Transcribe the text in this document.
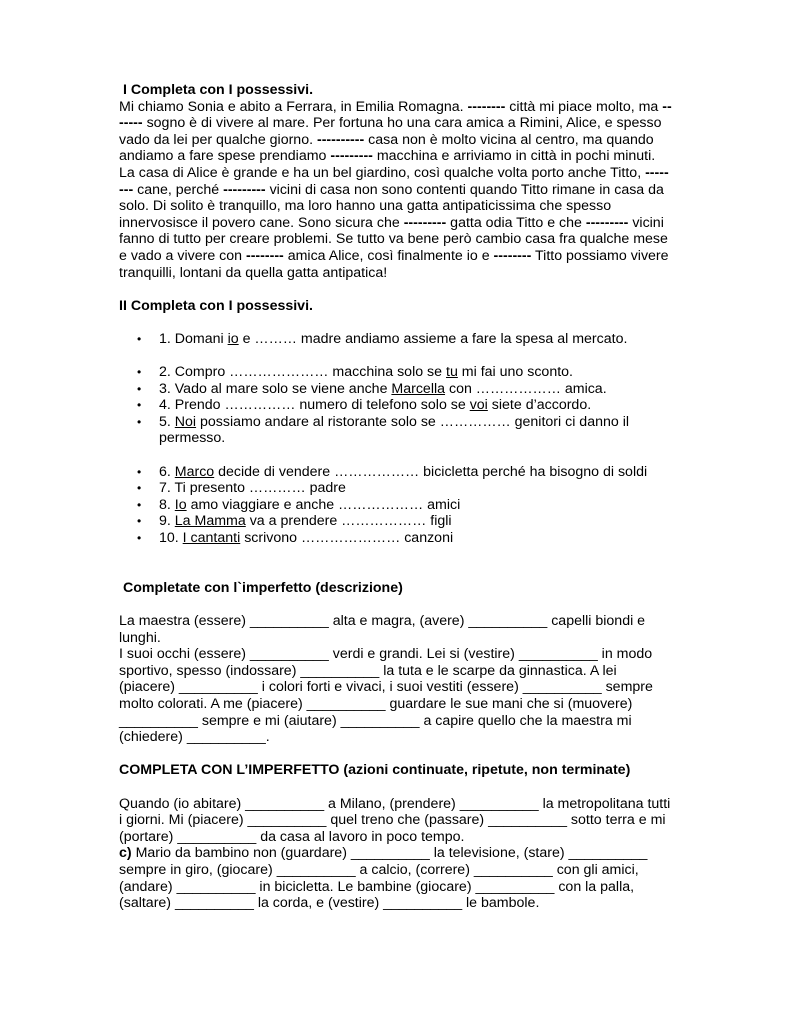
I Completa con I possessivi.

Mi chiamo Sonia e abito a Ferrara, in Emilia Romagna. -------- città mi piace molto, ma --

----- sogno è di vivere al mare. Per fortuna ho una cara amica a Rimini, Alice, e spesso

vado da lei per qualche giorno. ---------- casa non è molto vicina al centro, ma quando

andiamo a fare spese prendiamo --------- macchina e arriviamo in città in pochi minuti.

La casa di Alice è grande e ha un bel giardino, così qualche volta porto anche Titto, -----

--- cane, perché --------- vicini di casa non sono contenti quando Titto rimane in casa da

solo. Di solito è tranquillo, ma loro hanno una gatta antipaticissima che spesso

innervosisce il povero cane. Sono sicura che --------- gatta odia Titto e che --------- vicini

fanno di tutto per creare problemi. Se tutto va bene però cambio casa fra qualche mese

e vado a vivere con -------- amica Alice, così finalmente io e -------- Titto possiamo vivere

tranquilli, lontani da quella gatta antipatica!

II Completa con I possessivi.

• 1. Domani io e ……… madre andiamo assieme a fare la spesa al mercato.
• 2. Compro ………………… macchina solo se tu mi fai uno sconto.
• 3. Vado al mare solo se viene anche Marcella con ……………… amica.
• 4. Prendo …………… numero di telefono solo se voi siete d’accordo.
• 5. Noi possiamo andare al ristorante solo se …………… genitori ci danno il
permesso.
• 6. Marco decide di vendere ……………… bicicletta perché ha bisogno di soldi
• 7. Ti presento ………… padre
• 8. Io amo viaggiare e anche ……………… amici
• 9. La Mamma va a prendere ……………… figli
• 10. I cantanti scrivono ………………… canzoni

Completate con l`imperfetto (descrizione)

La maestra (essere) __________ alta e magra, (avere) __________ capelli biondi e

lunghi.

I suoi occhi (essere) __________ verdi e grandi. Lei si (vestire) __________ in modo

sportivo, spesso (indossare) __________ la tuta e le scarpe da ginnastica. A lei

(piacere) __________ i colori forti e vivaci, i suoi vestiti (essere) __________ sempre

molto colorati. A me (piacere) __________ guardare le sue mani che si (muovere)

__________ sempre e mi (aiutare) __________ a capire quello che la maestra mi

(chiedere) __________.

COMPLETA CON L’IMPERFETTO (azioni continuate, ripetute, non terminate)

Quando (io abitare) __________ a Milano, (prendere) __________ la metropolitana tutti

i giorni. Mi (piacere) __________ quel treno che (passare) __________ sotto terra e mi

(portare) __________ da casa al lavoro in poco tempo.

c) Mario da bambino non (guardare) __________ la televisione, (stare) __________

sempre in giro, (giocare) __________ a calcio, (correre) __________ con gli amici,

(andare) __________ in bicicletta. Le bambine (giocare) __________ con la palla,

(saltare) __________ la corda, e (vestire) __________ le bambole.
